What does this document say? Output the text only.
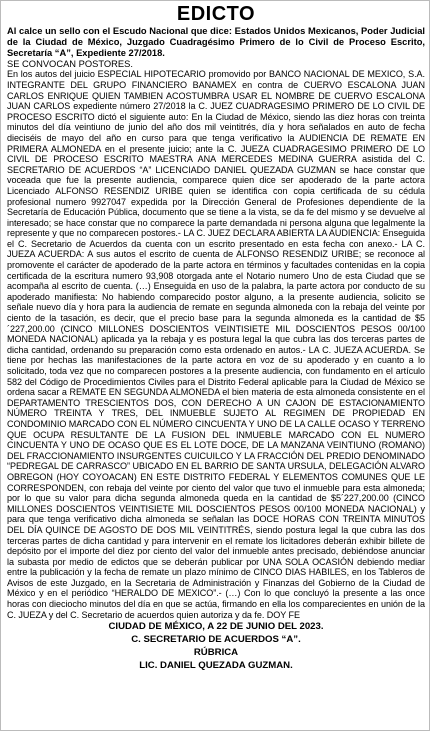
EDICTO

Al calce un sello con el Escudo Nacional que dice: Estados Unidos Mexicanos, Poder Judicial de la Ciudad de México, Juzgado Cuadragésimo Primero de lo Civil de Proceso Escrito, Secretaría “A”, Expediente 27/2018.

SE CONVOCAN POSTORES.

En los autos del juicio ESPECIAL HIPOTECARIO promovido por BANCO NACIONAL DE MEXICO, S.A. INTEGRANTE DEL GRUPO FINANCIERO BANAMEX en contra de CUERVO ESCALONA JUAN CARLOS ENRIQUE QUIEN TAMBIEN ACOSTUMBRA USAR EL NOMBRE DE CUERVO ESCALONA JUAN CARLOS expediente número 27/2018 la C. JUEZ CUADRAGESIMO PRIMERO DE LO CIVIL DE PROCESO ESCRITO dictó el siguiente auto: En la Ciudad de México, siendo las diez horas con treinta minutos del día veintiuno de junio del año dos mil veintitrés, día y hora señalados en auto de fecha dieciséis de mayo del año en curso para que tenga verificativo la AUDIENCIA DE REMATE EN PRIMERA ALMONEDA en el presente juicio; ante la C. JUEZA CUADRAGESIMO PRIMERO DE LO CIVIL DE PROCESO ESCRITO MAESTRA ANA MERCEDES MEDINA GUERRA asistida del C. SECRETARIO DE ACUERDOS “A” LICENCIADO DANIEL QUEZADA GUZMAN se hace constar que voceada que fue la presente audiencia, comparece quien dice ser apoderado de la parte actora Licenciado ALFONSO RESENDIZ URIBE quien se identifica con copia certificada de su cédula profesional numero 9927047 expedida por la Dirección General de Profesiones dependiente de la Secretaría de Educación Pública, documento que se tiene a la vista, se da fe del mismo y se devuelve al interesado; se hace constar que no comparece la parte demandada ni persona alguna que legalmente la represente y que no comparecen postores.- LA C. JUEZ DECLARA ABIERTA LA AUDIENCIA: Enseguida el C. Secretario de Acuerdos da cuenta con un escrito presentado en esta fecha con anexo.- LA C. JUEZA ACUERDA: A sus autos el escrito de cuenta de ALFONSO RESENDIZ URIBE; se reconoce al promovente el carácter de apoderado de la parte actora en términos y facultades contenidas en la copia certificada de la escritura numero 93,908 otorgada ante el Notario numero Uno de esta Ciudad que se acompaña al escrito de cuenta. (…) Enseguida en uso de la palabra, la parte actora por conducto de su apoderado manifiesta: No habiendo comparecido postor alguno, a la presente audiencia, solicito se señale nuevo día y hora para la audiencia de remate en segunda almoneda con la rebaja del veinte por ciento de la tasación, es decir, que el precio base para la segunda almoneda es la cantidad de $5´227,200.00 (CINCO MILLONES DOSCIENTOS VEINTISIETE MIL DOSCIENTOS PESOS 00/100 MONEDA NACIONAL) aplicada ya la rebaja y es postura legal la que cubra las dos terceras partes de dicha cantidad, ordenando su preparación como esta ordenado en autos.- LA C. JUEZA ACUERDA. Se tiene por hechas las manifestaciones de la parte actora en voz de su apoderado y en cuanto a lo solicitado, toda vez que no comparecen postores a la presente audiencia, con fundamento en el artículo 582 del Código de Procedimientos Civiles para el Distrito Federal aplicable para la Ciudad de México se ordena sacar a REMATE EN SEGUNDA ALMONEDA el bien materia de esta almoneda consistente en el DEPARTAMENTO TRESCIENTOS DOS, CON DERECHO A UN CAJON DE ESTACIONAMIENTO NÚMERO TREINTA Y TRES, DEL INMUEBLE SUJETO AL REGIMEN DE PROPIEDAD EN CONDOMINIO MARCADO CON EL NÚMERO CINCUENTA Y UNO DE LA CALLE OCASO Y TERRENO QUE OCUPA RESULTANTE DE LA FUSION DEL INMUEBLE MARCADO CON EL NUMERO CINCUENTA Y UNO DE OCASO QUE ES EL LOTE DOCE, DE LA MANZANA VEINTIUNO (ROMANO) DEL FRACCIONAMIENTO INSURGENTES CUICUILCO Y LA FRACCIÓN DEL PREDIO DENOMINADO “PEDREGAL DE CARRASCO” UBICADO EN EL BARRIO DE SANTA URSULA, DELEGACIÓN ALVARO OBREGON (HOY COYOACAN) EN ESTE DISTRITO FEDERAL Y ELEMENTOS COMUNES QUE LE CORRESPONDEN, con rebaja del veinte por ciento del valor que tuvo el inmueble para esta almoneda; por lo que su valor para dicha segunda almoneda queda en la cantidad de $5´227,200.00 (CINCO MILLONES DOSCIENTOS VEINTISIETE MIL DOSCIENTOS PESOS 00/100 MONEDA NACIONAL) y para que tenga verificativo dicha almoneda se señalan las DOCE HORAS CON TREINTA MINUTOS DEL DÍA QUINCE DE AGOSTO DE DOS MIL VEINTITRÉS, siendo postura legal la que cubra las dos terceras partes de dicha cantidad y para intervenir en el remate los licitadores deberán exhibir billete de depósito por el importe del diez por ciento del valor del inmueble antes precisado, debiéndose anunciar la subasta por medio de edictos que se deberán publicar por UNA SOLA OCASIÓN debiendo mediar entre la publicación y la fecha de remate un plazo mínimo de CINCO DIAS HABILES, en los Tableros de Avisos de este Juzgado, en la Secretaria de Administración y Finanzas del Gobierno de la Ciudad de México y en el periódico “HERALDO DE MEXICO”.- (…) Con lo que concluyó la presente a las once horas con dieciocho minutos del día en que se actúa, firmando en ella los comparecientes en unión de la C. JUEZA y del C. Secretario de acuerdos quien autoriza y da fe. DOY FE

CIUDAD DE MÉXICO, A 22 DE JUNIO DEL 2023.

C. SECRETARIO DE ACUERDOS “A”.

RÚBRICA

LIC. DANIEL QUEZADA GUZMAN.
